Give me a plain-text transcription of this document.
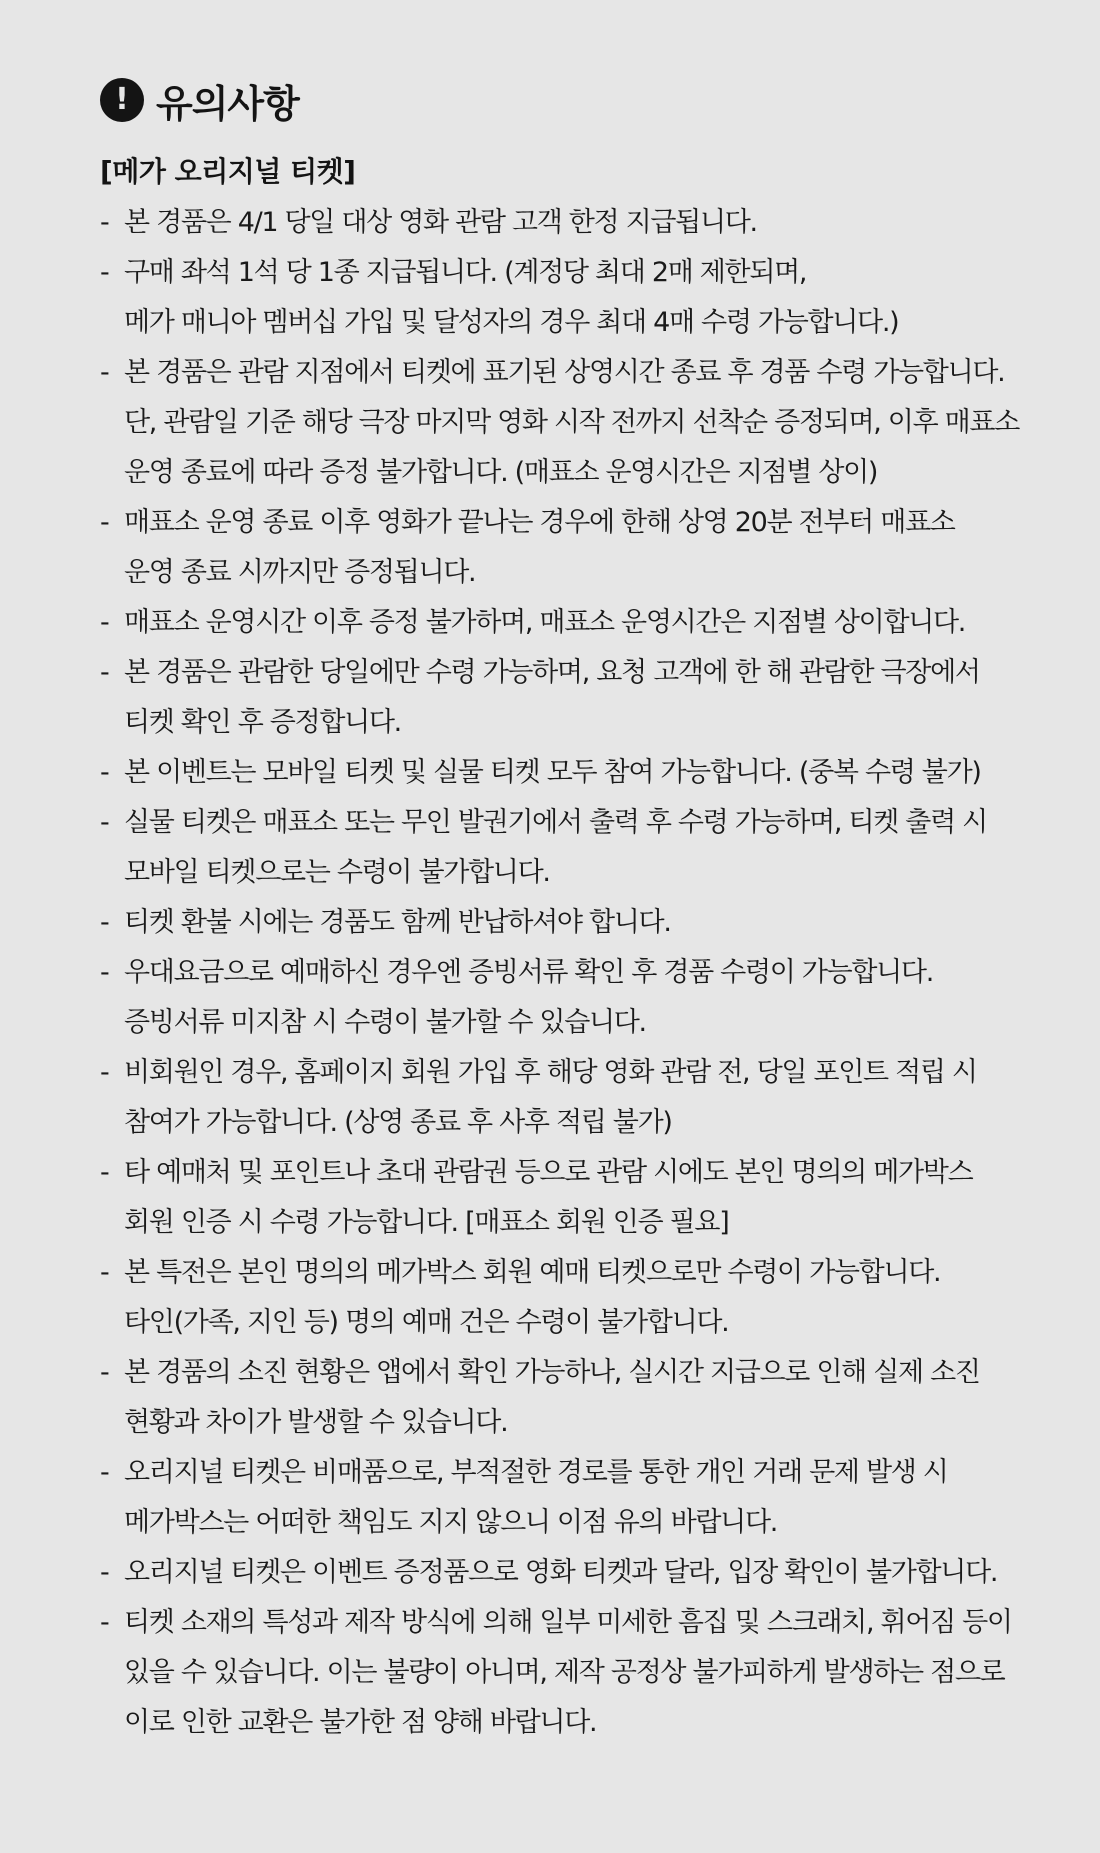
! 유의사항
[메가 오리지널 티켓]
- 본 경품은 4/1 당일 대상 영화 관람 고객 한정 지급됩니다.
- 구매 좌석 1석 당 1종 지급됩니다. (계정당 최대 2매 제한되며,
메가 매니아 멤버십 가입 및 달성자의 경우 최대 4매 수령 가능합니다.)
- 본 경품은 관람 지점에서 티켓에 표기된 상영시간 종료 후 경품 수령 가능합니다.
단, 관람일 기준 해당 극장 마지막 영화 시작 전까지 선착순 증정되며, 이후 매표소
운영 종료에 따라 증정 불가합니다. (매표소 운영시간은 지점별 상이)
- 매표소 운영 종료 이후 영화가 끝나는 경우에 한해 상영 20분 전부터 매표소
운영 종료 시까지만 증정됩니다.
- 매표소 운영시간 이후 증정 불가하며, 매표소 운영시간은 지점별 상이합니다.
- 본 경품은 관람한 당일에만 수령 가능하며, 요청 고객에 한 해 관람한 극장에서
티켓 확인 후 증정합니다.
- 본 이벤트는 모바일 티켓 및 실물 티켓 모두 참여 가능합니다. (중복 수령 불가)
- 실물 티켓은 매표소 또는 무인 발권기에서 출력 후 수령 가능하며, 티켓 출력 시
모바일 티켓으로는 수령이 불가합니다.
- 티켓 환불 시에는 경품도 함께 반납하셔야 합니다.
- 우대요금으로 예매하신 경우엔 증빙서류 확인 후 경품 수령이 가능합니다.
증빙서류 미지참 시 수령이 불가할 수 있습니다.
- 비회원인 경우, 홈페이지 회원 가입 후 해당 영화 관람 전, 당일 포인트 적립 시
참여가 가능합니다. (상영 종료 후 사후 적립 불가)
- 타 예매처 및 포인트나 초대 관람권 등으로 관람 시에도 본인 명의의 메가박스
회원 인증 시 수령 가능합니다. [매표소 회원 인증 필요]
- 본 특전은 본인 명의의 메가박스 회원 예매 티켓으로만 수령이 가능합니다.
타인(가족, 지인 등) 명의 예매 건은 수령이 불가합니다.
- 본 경품의 소진 현황은 앱에서 확인 가능하나, 실시간 지급으로 인해 실제 소진
현황과 차이가 발생할 수 있습니다.
- 오리지널 티켓은 비매품으로, 부적절한 경로를 통한 개인 거래 문제 발생 시
메가박스는 어떠한 책임도 지지 않으니 이점 유의 바랍니다.
- 오리지널 티켓은 이벤트 증정품으로 영화 티켓과 달라, 입장 확인이 불가합니다.
- 티켓 소재의 특성과 제작 방식에 의해 일부 미세한 흠집 및 스크래치, 휘어짐 등이
있을 수 있습니다. 이는 불량이 아니며, 제작 공정상 불가피하게 발생하는 점으로
이로 인한 교환은 불가한 점 양해 바랍니다.
